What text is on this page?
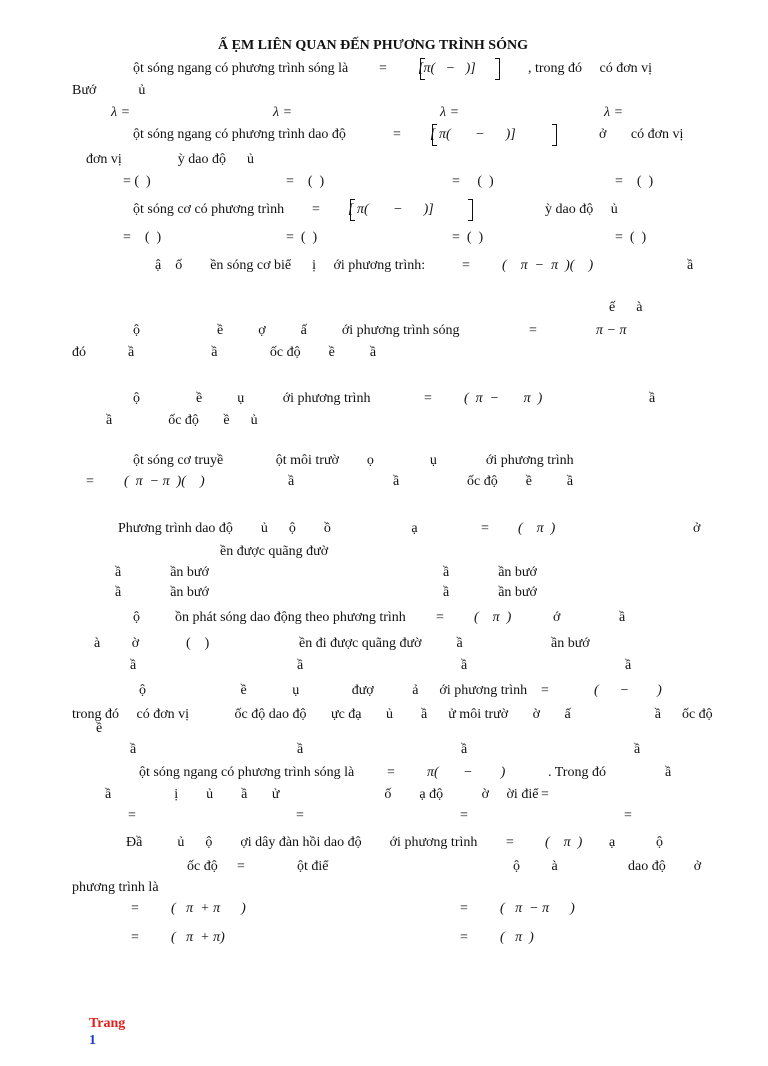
Ấ ẸM LIÊN QUAN ĐẾN PHƯƠNG TRÌNH SÓNG
ột sóng ngang có phương trình sóng là = [π(   −   )]	, trong đó     có đơn vị
Bướ            ủ
λ =	λ =	λ =	λ =
ột sóng ngang có phương trình dao độ	= [ π(       −      )]	ở       có đơn vị
đơn vị                ỳ dao độ      ủ
= (  )	=    (  )	=     (  )	=    (  )
ột sóng cơ có phương trình = [ π(       −      )]	ỳ dao độ     ủ
=    (  )	=  (  )	=  (  )	=  (  )
ậ    ố        ền sóng cơ biể      ị     ới phương trình:	= (    π  −  π  )(    )	ầ
ế      à
ộ                      ề          ợ          ấ          ới phương trình sóng	=	π − π
đó            ầ                      ầ               ốc độ        ề          ầ
ộ                ề          ụ           ới phương trình	= (  π  −       π  )	ầ
ầ                ốc độ       ề      ủ
ột sóng cơ truyề               ột môi trườ        ọ                ụ              ới phương trình
= (  π  − π  )(    )	ầ	ầ	ốc độ        ề          ầ
Phương trình dao độ        ủ      ộ        ồ                       ạ	= (    π  )	ở
ền được quãng đườ
ầ              ần bướ	ầ              ần bướ
ầ              ần bướ	ầ              ần bướ
ộ          ồn phát sóng dao động theo phương trình = (    π  )	ớ	ầ
à         ờ	(    )	ền đi được quãng đườ          ầ	ần bướ
ầ	ầ	ầ	ầ
ộ                           ề             ụ               đượ           ả      ới phương trình =	(      −        )
trong đó     có đơn vị             ốc độ dao độ       ực đạ       ủ        ầ      ử môi trườ       ờ       ấ                        ầ      ốc độ
ề
ầ	ầ	ầ	ầ
ột sóng ngang có phương trình sóng là = π(       −        )	. Trong đó	ầ
ầ                  ị        ủ        ầ       ử                              ố        ạ độ           ờ     ời điể =
=	=	=	=
Đầ          ủ      ộ        ợi dây đàn hồi dao độ        ới phương trình = (    π  ) ạ	ộ
ốc độ =	ột điể	ộ         à	dao độ        ở
phương trình là
= (   π  + π      )	= (   π  − π      )
= (   π  + π)	= (   π  )

Trang
1
